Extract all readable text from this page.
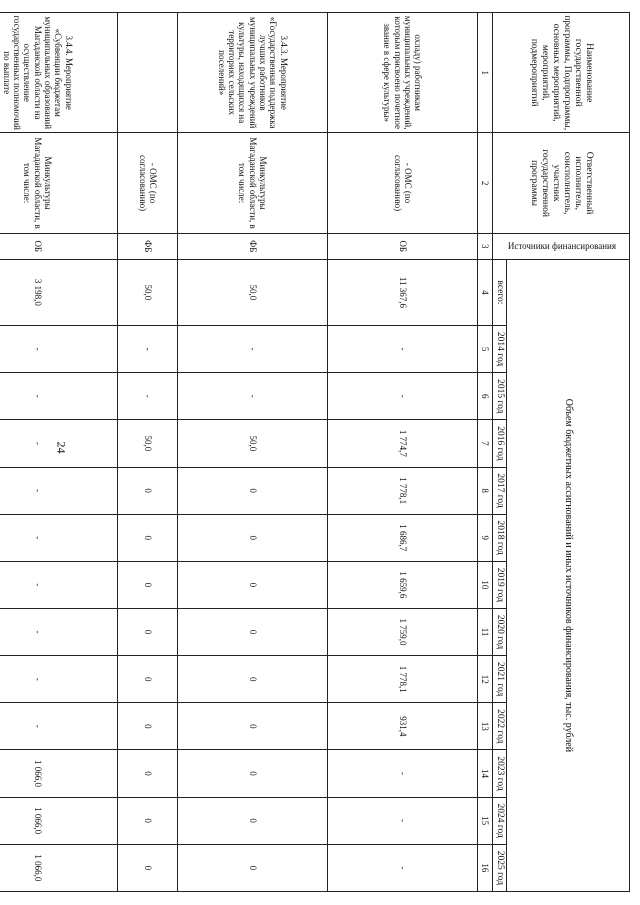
24
Наименование государственной программы, Подпрограммы, основных мероприятий, мероприятий, подмероприятий	Ответственный исполнитель, соисполнитель, участник государственной программы	Источники финансирования	Объем бюджетных ассигнований и иных источников финансирования, тыс. рублей												
			всего:	2014 год	2015 год	2016 год	2017 год	2018 год	2019 год	2020 год	2021 год	2022 год	2023 год	2024 год	2025 год
1	2	3	4	5	6	7	8	9	10	11	12	13	14	15	16
охладу) работникам муниципальных учреждений, которым присвоено почетное звание в сфере культуры»	- ОМС (по согласованию)	ОБ	11 367,6	-	-	1 774,7	1 778,1	1 686,7	1 659,6	1 759,0	1 778,1	931,4	-	-	-
3.4.3. Мероприятие «Государственная поддержка лучших работников муниципальных учреждений культуры, находящихся на территориях сельских поселений»	Минкультуры Магаданской области, в том числе:	ФБ	50,0	-	-	50,0	0	0	0	0	0	0	0	0	0
	- ОМС (по согласованию)	ФБ	50,0	-	-	50,0	0	0	0	0	0	0	0	0	0
3.4.4. Мероприятие «Субвенции бюджетам муниципальных образований Магаданской области на осуществление государственных полномочий по выплате	Минкультуры Магаданской области, в том числе:	ОБ	3 198,0	-	-	-	-	-	-	-	-	-	1 066,0	1 066,0	1 066,0
